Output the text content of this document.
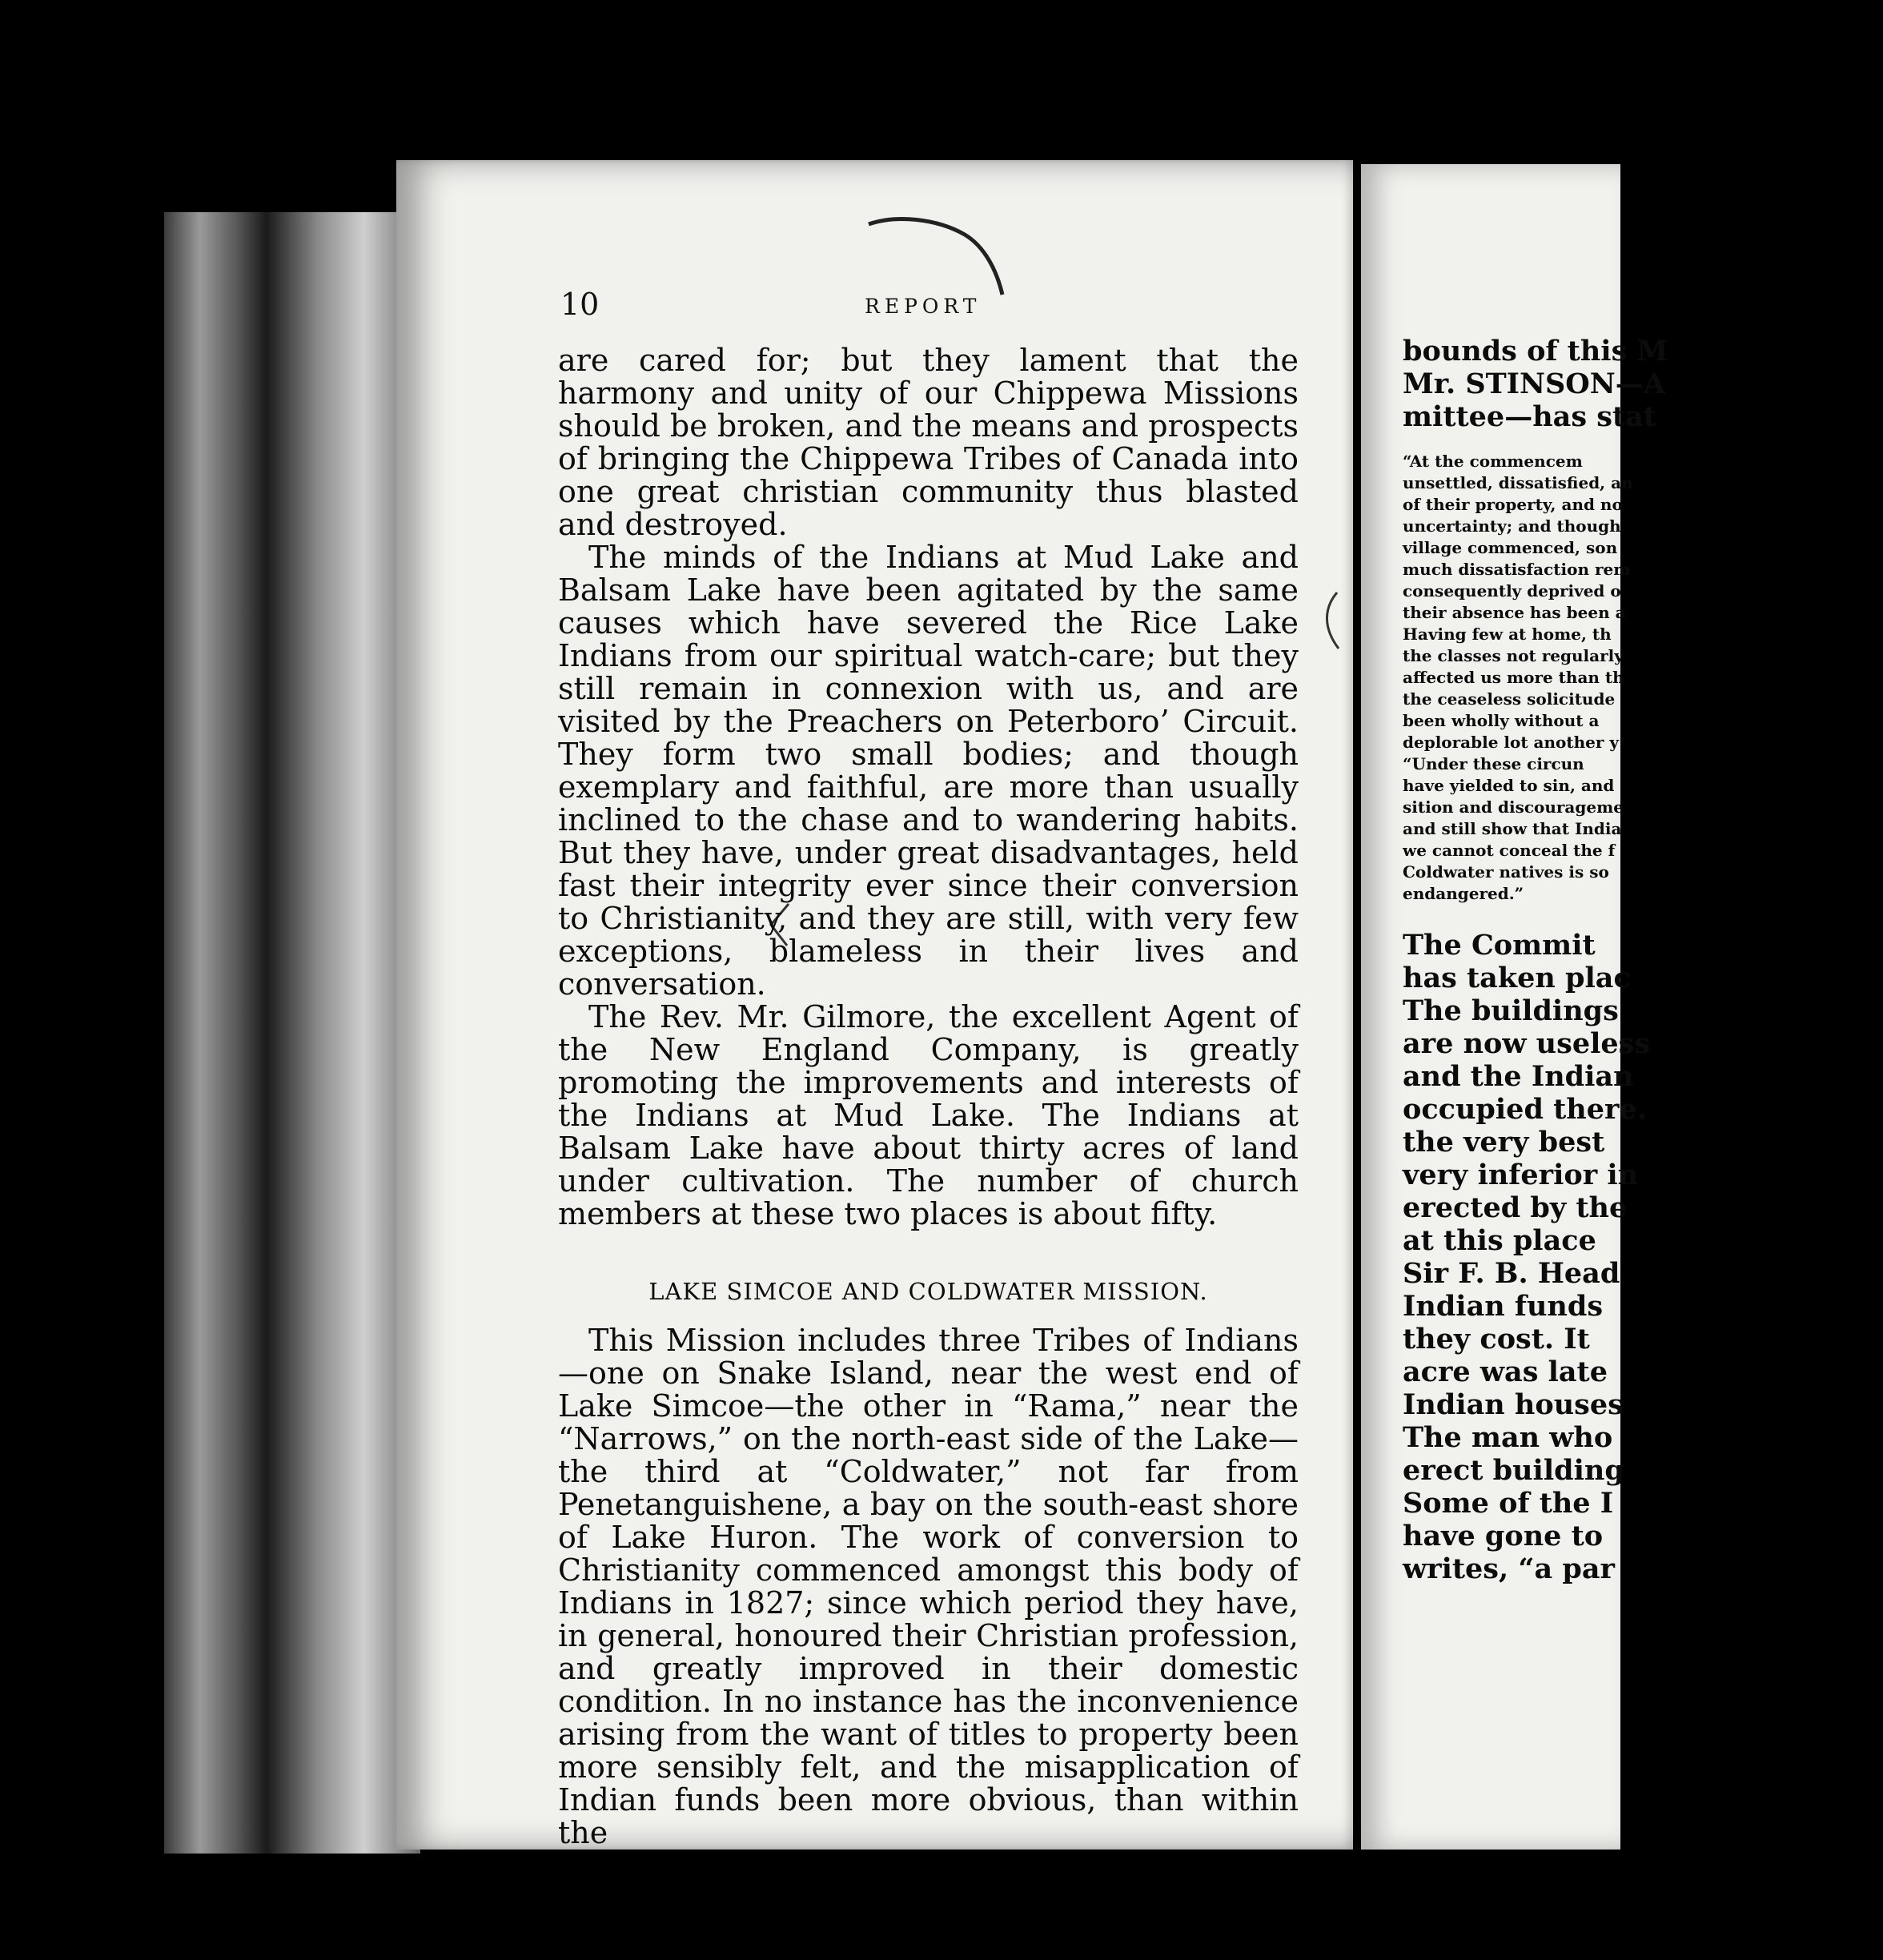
10	REPORT

are cared for; but they lament that the harmony and unity of our Chippewa Missions should be broken, and the means and prospects of bringing the Chippewa Tribes of Canada into one great christian community thus blasted and destroyed.

The minds of the Indians at Mud Lake and Balsam Lake have been agitated by the same causes which have severed the Rice Lake Indians from our spiritual watch-care; but they still remain in connexion with us, and are visited by the Preachers on Peterboro’ Circuit. They form two small bodies; and though exemplary and faithful, are more than usually inclined to the chase and to wandering habits. But they have, under great disadvantages, held fast their integrity ever since their conversion to Christianity, and they are still, with very few exceptions, blameless in their lives and conversation.

The Rev. Mr. Gilmore, the excellent Agent of the New England Company, is greatly promoting the improvements and interests of the Indians at Mud Lake. The Indians at Balsam Lake have about thirty acres of land under cultivation. The number of church members at these two places is about fifty.

LAKE SIMCOE AND COLDWATER MISSION.

This Mission includes three Tribes of Indians—one on Snake Island, near the west end of Lake Simcoe—the other in “Rama,” near the “Narrows,” on the north-east side of the Lake—the third at “Coldwater,” not far from Penetanguishene, a bay on the south-east shore of Lake Huron. The work of conversion to Christianity commenced amongst this body of Indians in 1827; since which period they have, in general, honoured their Christian profession, and greatly improved in their domestic condition. In no instance has the inconvenience arising from the want of titles to property been more sensibly felt, and the misapplication of Indian funds been more obvious, than within the

bounds of this M
Mr. STINSON—A
mittee—has stat
“At the commencem
unsettled, dissatisfied, an
of their property, and no
uncertainty; and though
village commenced, son
much dissatisfaction rem
consequently deprived o
their absence has been a
Having few at home, th
the classes not regularly
affected us more than th
the ceaseless solicitude
been wholly without a
deplorable lot another y
“Under these circun
have yielded to sin, and
sition and discourageme
and still show that India
we cannot conceal the f
Coldwater natives is so
endangered.”
The Commit
has taken plac
The buildings
are now useless
and the Indian
occupied there.
the very best
very inferior in
erected by the
at this place
Sir F. B. Head
Indian funds
they cost. It
acre was late
Indian houses
The man who
erect building
Some of the I
have gone to
writes, “a par
